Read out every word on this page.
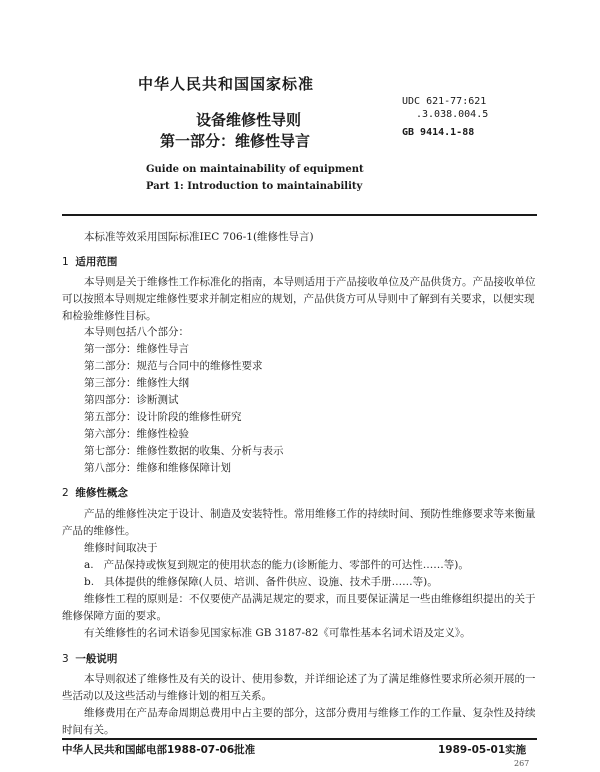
中华人民共和国国家标准
UDC 621-77:621
.3.038.004.5
GB 9414.1-88
设备维修性导则
第一部分：维修性导言
Guide on maintainability of equipment
Part 1: Introduction to maintainability
本标准等效采用国际标准IEC 706-1(维修性导言)
1 适用范围
本导则是关于维修性工作标准化的指南，本导则适用于产品接收单位及产品供货方。产品接收单位可以按照本导则规定维修性要求并制定相应的规划，产品供货方可从导则中了解到有关要求，以便实现和检验维修性目标。
本导则包括八个部分：
第一部分：维修性导言
第二部分：规范与合同中的维修性要求
第三部分：维修性大纲
第四部分：诊断测试
第五部分：设计阶段的维修性研究
第六部分：维修性检验
第七部分：维修性数据的收集、分析与表示
第八部分：维修和维修保障计划
2 维修性概念
产品的维修性决定于设计、制造及安装特性。常用维修工作的持续时间、预防性维修要求等来衡量产品的维修性。
维修时间取决于
a. 产品保持或恢复到规定的使用状态的能力(诊断能力、零部件的可达性……等)。
b. 具体提供的维修保障(人员、培训、备件供应、设施、技术手册……等)。
维修性工程的原则是：不仅要使产品满足规定的要求，而且要保证满足一些由维修组织提出的关于维修保障方面的要求。
有关维修性的名词术语参见国家标准 GB 3187-82《可靠性基本名词术语及定义》。
3 一般说明
本导则叙述了维修性及有关的设计、使用参数，并详细论述了为了满足维修性要求所必须开展的一些活动以及这些活动与维修计划的相互关系。
维修费用在产品寿命周期总费用中占主要的部分，这部分费用与维修工作的工作量、复杂性及持续时间有关。
中华人民共和国邮电部1988-07-06批准	1989-05-01实施
267
